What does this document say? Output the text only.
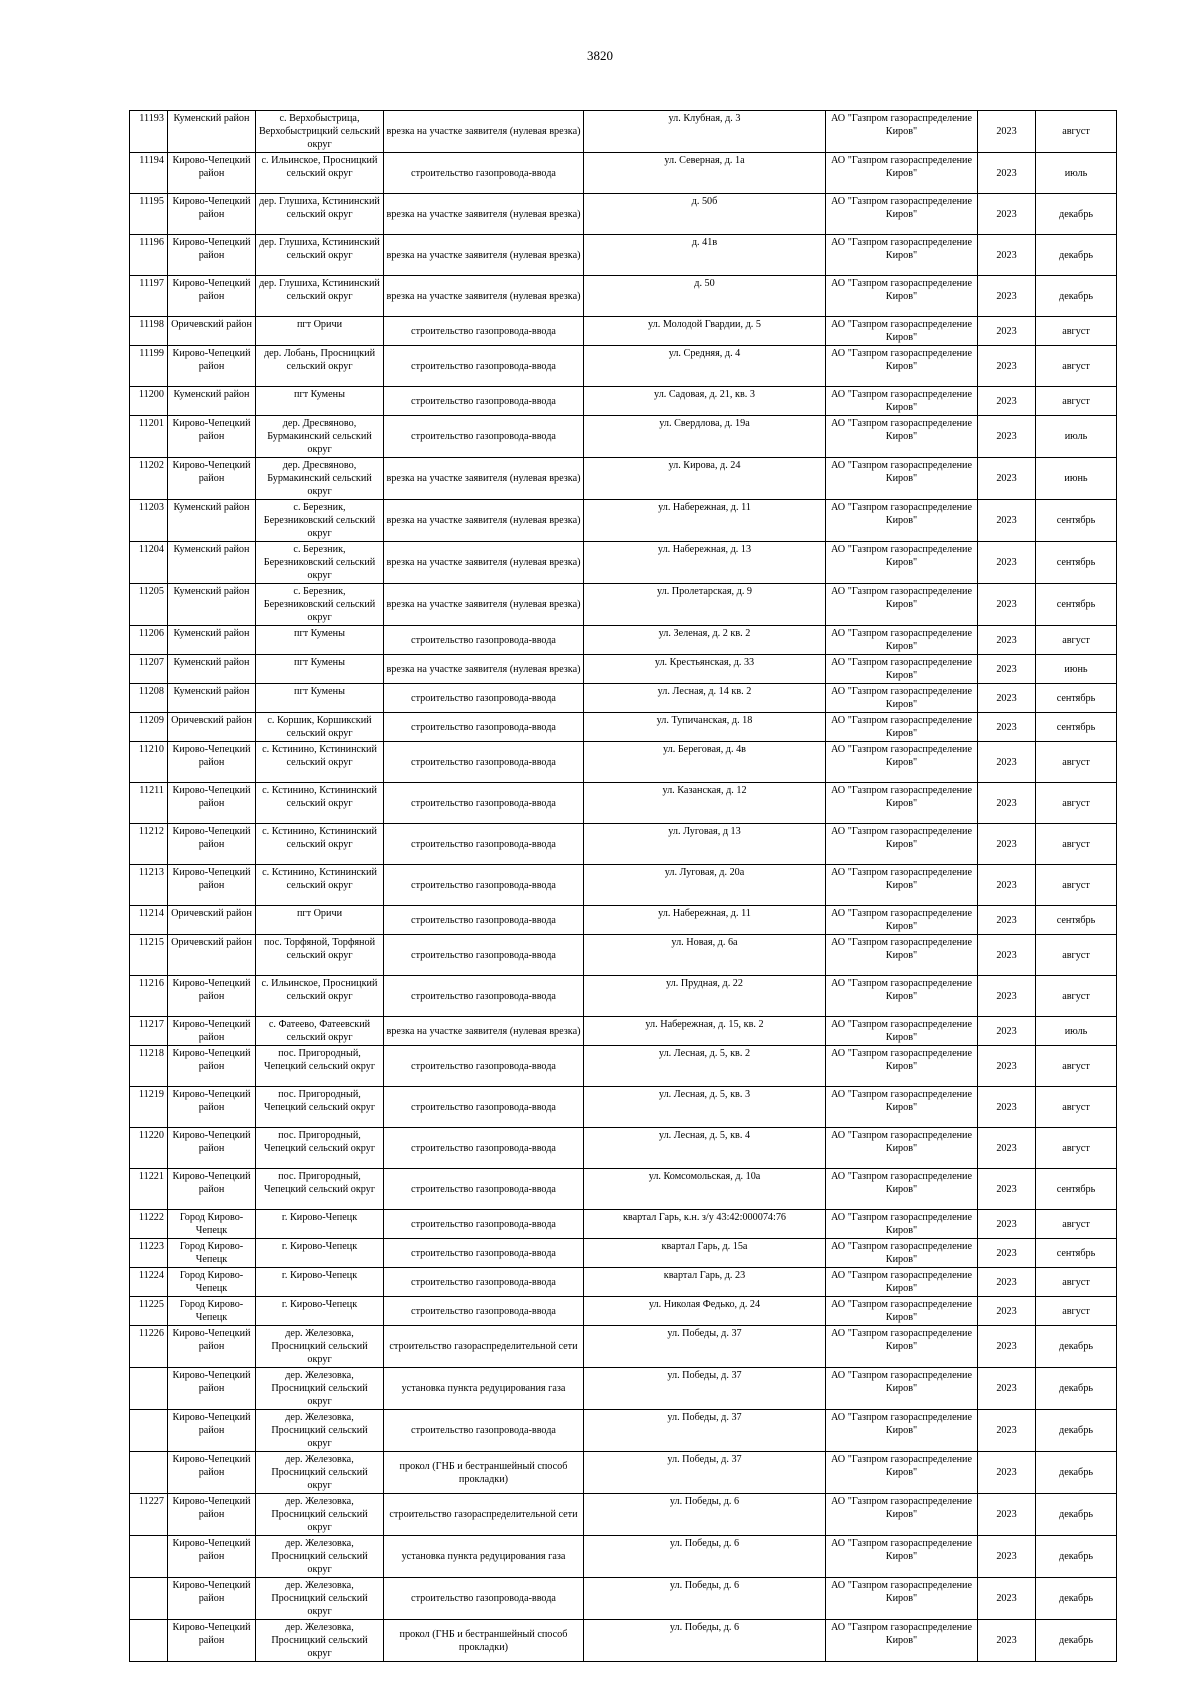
3820
11193	Куменский район	с. Верхобыстрица, Верхобыстрицкий сельский округ	врезка на участке заявителя (нулевая врезка)	ул. Клубная, д. 3	АО "Газпром газораспределение Киров"	2023	август
11194	Кирово-Чепецкий район	с. Ильинское, Просницкий сельский округ	строительство газопровода-ввода	ул. Северная, д. 1а	АО "Газпром газораспределение Киров"	2023	июль
11195	Кирово-Чепецкий район	дер. Глушиха, Кстининский сельский округ	врезка на участке заявителя (нулевая врезка)	д. 50б	АО "Газпром газораспределение Киров"	2023	декабрь
11196	Кирово-Чепецкий район	дер. Глушиха, Кстининский сельский округ	врезка на участке заявителя (нулевая врезка)	д. 41в	АО "Газпром газораспределение Киров"	2023	декабрь
11197	Кирово-Чепецкий район	дер. Глушиха, Кстининский сельский округ	врезка на участке заявителя (нулевая врезка)	д. 50	АО "Газпром газораспределение Киров"	2023	декабрь
11198	Оричевский район	пгт Оричи	строительство газопровода-ввода	ул. Молодой Гвардии, д. 5	АО "Газпром газораспределение Киров"	2023	август
11199	Кирово-Чепецкий район	дер. Лобань, Просницкий сельский округ	строительство газопровода-ввода	ул. Средняя, д. 4	АО "Газпром газораспределение Киров"	2023	август
11200	Куменский район	пгт Кумены	строительство газопровода-ввода	ул. Садовая, д. 21, кв. 3	АО "Газпром газораспределение Киров"	2023	август
11201	Кирово-Чепецкий район	дер. Дресвяново, Бурмакинский сельский округ	строительство газопровода-ввода	ул. Свердлова, д. 19а	АО "Газпром газораспределение Киров"	2023	июль
11202	Кирово-Чепецкий район	дер. Дресвяново, Бурмакинский сельский округ	врезка на участке заявителя (нулевая врезка)	ул. Кирова, д. 24	АО "Газпром газораспределение Киров"	2023	июнь
11203	Куменский район	с. Березник, Березниковский сельский округ	врезка на участке заявителя (нулевая врезка)	ул. Набережная, д. 11	АО "Газпром газораспределение Киров"	2023	сентябрь
11204	Куменский район	с. Березник, Березниковский сельский округ	врезка на участке заявителя (нулевая врезка)	ул. Набережная, д. 13	АО "Газпром газораспределение Киров"	2023	сентябрь
11205	Куменский район	с. Березник, Березниковский сельский округ	врезка на участке заявителя (нулевая врезка)	ул. Пролетарская, д. 9	АО "Газпром газораспределение Киров"	2023	сентябрь
11206	Куменский район	пгт Кумены	строительство газопровода-ввода	ул. Зеленая, д. 2 кв. 2	АО "Газпром газораспределение Киров"	2023	август
11207	Куменский район	пгт Кумены	врезка на участке заявителя (нулевая врезка)	ул. Крестьянская, д. 33	АО "Газпром газораспределение Киров"	2023	июнь
11208	Куменский район	пгт Кумены	строительство газопровода-ввода	ул. Лесная, д. 14 кв. 2	АО "Газпром газораспределение Киров"	2023	сентябрь
11209	Оричевский район	с. Коршик, Коршикский сельский округ	строительство газопровода-ввода	ул. Тупичанская, д. 18	АО "Газпром газораспределение Киров"	2023	сентябрь
11210	Кирово-Чепецкий район	с. Кстинино, Кстининский сельский округ	строительство газопровода-ввода	ул. Береговая, д. 4в	АО "Газпром газораспределение Киров"	2023	август
11211	Кирово-Чепецкий район	с. Кстинино, Кстининский сельский округ	строительство газопровода-ввода	ул. Казанская, д. 12	АО "Газпром газораспределение Киров"	2023	август
11212	Кирово-Чепецкий район	с. Кстинино, Кстининский сельский округ	строительство газопровода-ввода	ул. Луговая, д 13	АО "Газпром газораспределение Киров"	2023	август
11213	Кирово-Чепецкий район	с. Кстинино, Кстининский сельский округ	строительство газопровода-ввода	ул. Луговая, д. 20а	АО "Газпром газораспределение Киров"	2023	август
11214	Оричевский район	пгт Оричи	строительство газопровода-ввода	ул. Набережная, д. 11	АО "Газпром газораспределение Киров"	2023	сентябрь
11215	Оричевский район	пос. Торфяной, Торфяной сельский округ	строительство газопровода-ввода	ул. Новая, д. 6а	АО "Газпром газораспределение Киров"	2023	август
11216	Кирово-Чепецкий район	с. Ильинское, Просницкий сельский округ	строительство газопровода-ввода	ул. Прудная, д. 22	АО "Газпром газораспределение Киров"	2023	август
11217	Кирово-Чепецкий район	с. Фатеево, Фатеевский сельский округ	врезка на участке заявителя (нулевая врезка)	ул. Набережная, д. 15, кв. 2	АО "Газпром газораспределение Киров"	2023	июль
11218	Кирово-Чепецкий район	пос. Пригородный, Чепецкий сельский округ	строительство газопровода-ввода	ул. Лесная, д. 5, кв. 2	АО "Газпром газораспределение Киров"	2023	август
11219	Кирово-Чепецкий район	пос. Пригородный, Чепецкий сельский округ	строительство газопровода-ввода	ул. Лесная, д. 5, кв. 3	АО "Газпром газораспределение Киров"	2023	август
11220	Кирово-Чепецкий район	пос. Пригородный, Чепецкий сельский округ	строительство газопровода-ввода	ул. Лесная, д. 5, кв. 4	АО "Газпром газораспределение Киров"	2023	август
11221	Кирово-Чепецкий район	пос. Пригородный, Чепецкий сельский округ	строительство газопровода-ввода	ул. Комсомольская, д. 10а	АО "Газпром газораспределение Киров"	2023	сентябрь
11222	Город Кирово-Чепецк	г. Кирово-Чепецк	строительство газопровода-ввода	квартал Гарь, к.н. з/у 43:42:000074:76	АО "Газпром газораспределение Киров"	2023	август
11223	Город Кирово-Чепецк	г. Кирово-Чепецк	строительство газопровода-ввода	квартал Гарь, д. 15а	АО "Газпром газораспределение Киров"	2023	сентябрь
11224	Город Кирово-Чепецк	г. Кирово-Чепецк	строительство газопровода-ввода	квартал Гарь, д. 23	АО "Газпром газораспределение Киров"	2023	август
11225	Город Кирово-Чепецк	г. Кирово-Чепецк	строительство газопровода-ввода	ул. Николая Федько, д. 24	АО "Газпром газораспределение Киров"	2023	август
11226	Кирово-Чепецкий район	дер. Железовка, Просницкий сельский округ	строительство газораспределительной сети	ул. Победы, д. 37	АО "Газпром газораспределение Киров"	2023	декабрь
	Кирово-Чепецкий район	дер. Железовка, Просницкий сельский округ	установка пункта редуцирования газа	ул. Победы, д. 37	АО "Газпром газораспределение Киров"	2023	декабрь
	Кирово-Чепецкий район	дер. Железовка, Просницкий сельский округ	строительство газопровода-ввода	ул. Победы, д. 37	АО "Газпром газораспределение Киров"	2023	декабрь
	Кирово-Чепецкий район	дер. Железовка, Просницкий сельский округ	прокол (ГНБ и бестраншейный способ прокладки)	ул. Победы, д. 37	АО "Газпром газораспределение Киров"	2023	декабрь
11227	Кирово-Чепецкий район	дер. Железовка, Просницкий сельский округ	строительство газораспределительной сети	ул. Победы, д. 6	АО "Газпром газораспределение Киров"	2023	декабрь
	Кирово-Чепецкий район	дер. Железовка, Просницкий сельский округ	установка пункта редуцирования газа	ул. Победы, д. 6	АО "Газпром газораспределение Киров"	2023	декабрь
	Кирово-Чепецкий район	дер. Железовка, Просницкий сельский округ	строительство газопровода-ввода	ул. Победы, д. 6	АО "Газпром газораспределение Киров"	2023	декабрь
	Кирово-Чепецкий район	дер. Железовка, Просницкий сельский округ	прокол (ГНБ и бестраншейный способ прокладки)	ул. Победы, д. 6	АО "Газпром газораспределение Киров"	2023	декабрь
